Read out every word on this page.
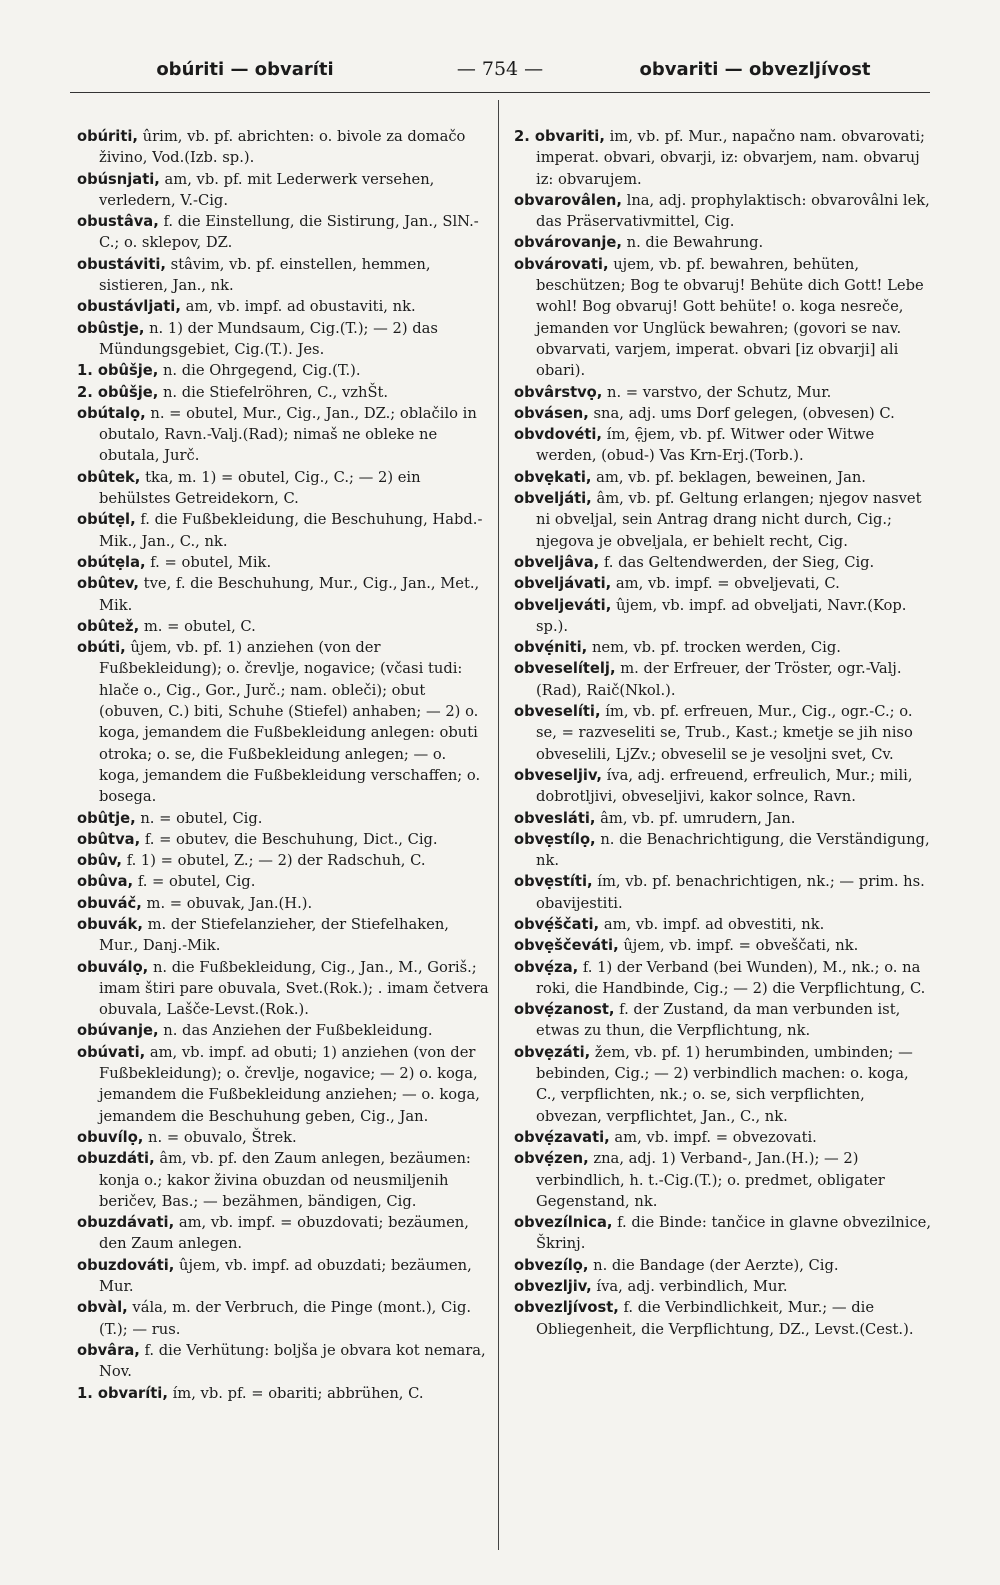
obúriti — obvaríti	— 754 —	obvariti — obvezljívost

obúriti, ûrim, vb. pf. abrichten: o. bivole za domačo živino, Vod.(Izb. sp.).

obúsnjati, am, vb. pf. mit Lederwerk versehen, verledern, V.-Cig.

obustâva, f. die Einstellung, die Sistirung, Jan., SlN.-C.; o. sklepov, DZ.

obustáviti, stâvim, vb. pf. einstellen, hemmen, sistieren, Jan., nk.

obustávljati, am, vb. impf. ad obustaviti, nk.

obûstje, n. 1) der Mundsaum, Cig.(T.); — 2) das Mündungsgebiet, Cig.(T.). Jes.

1. obûšje, n. die Ohrgegend, Cig.(T.).

2. obûšje, n. die Stiefelröhren, C., vzhŠt.

obútalọ, n. = obutel, Mur., Cig., Jan., DZ.; oblačilo in obutalo, Ravn.-Valj.(Rad); nimaš ne obleke ne obutala, Jurč.

obûtek, tka, m. 1) = obutel, Cig., C.; — 2) ein behülstes Getreidekorn, C.

obútẹl, f. die Fußbekleidung, die Beschuhung, Habd.-Mik., Jan., C., nk.

obútẹla, f. = obutel, Mik.

obûtev, tve, f. die Beschuhung, Mur., Cig., Jan., Met., Mik.

obûtež, m. = obutel, C.

obúti, ûjem, vb. pf. 1) anziehen (von der Fußbekleidung); o. črevlje, nogavice; (včasi tudi: hlače o., Cig., Gor., Jurč.; nam. obleči); obut (obuven, C.) biti, Schuhe (Stiefel) anhaben; — 2) o. koga, jemandem die Fußbekleidung anlegen: obuti otroka; o. se, die Fußbekleidung anlegen; — o. koga, jemandem die Fußbekleidung verschaffen; o. bosega.

obûtje, n. = obutel, Cig.

obûtva, f. = obutev, die Beschuhung, Dict., Cig.

obûv, f. 1) = obutel, Z.; — 2) der Radschuh, C.

obûva, f. = obutel, Cig.

obuváč, m. = obuvak, Jan.(H.).

obuvák, m. der Stiefelanzieher, der Stiefelhaken, Mur., Danj.-Mik.

obuválọ, n. die Fußbekleidung, Cig., Jan., M., Goriš.; imam štiri pare obuvala, Svet.(Rok.); . imam četvera obuvala, Lašče-Levst.(Rok.).

obúvanje, n. das Anziehen der Fußbekleidung.

obúvati, am, vb. impf. ad obuti; 1) anziehen (von der Fußbekleidung); o. črevlje, nogavice; — 2) o. koga, jemandem die Fußbekleidung anziehen; — o. koga, jemandem die Beschuhung geben, Cig., Jan.

obuvílọ, n. = obuvalo, Štrek.

obuzdáti, âm, vb. pf. den Zaum anlegen, bezäumen: konja o.; kakor živina obuzdan od neusmiljenih beričev, Bas.; — bezähmen, bändigen, Cig.

obuzdávati, am, vb. impf. = obuzdovati; bezäumen, den Zaum anlegen.

obuzdováti, ûjem, vb. impf. ad obuzdati; bezäumen, Mur.

obvàl, vála, m. der Verbruch, die Pinge (mont.), Cig.(T.); — rus.

obvâra, f. die Verhütung: boljša je obvara kot nemara, Nov.

1. obvaríti, ím, vb. pf. = obariti; abbrühen, C.

2. obvariti, im, vb. pf. Mur., napačno nam. obvarovati; imperat. obvari, obvarji, iz: obvarjem, nam. obvaruj iz: obvarujem.

obvarovâlen, lna, adj. prophylaktisch: obvarovâlni lek, das Präservativmittel, Cig.

obvárovanje, n. die Bewahrung.

obvárovati, ujem, vb. pf. bewahren, behüten, beschützen; Bog te obvaruj! Behüte dich Gott! Lebe wohl! Bog obvaruj! Gott behüte! o. koga nesreče, jemanden vor Unglück bewahren; (govori se nav. obvarvati, varjem, imperat. obvari [iz obvarji] ali obari).

obvârstvọ, n. = varstvo, der Schutz, Mur.

obvásen, sna, adj. ums Dorf gelegen, (obvesen) C.

obvdovéti, ím, ẹ̑jem, vb. pf. Witwer oder Witwe werden, (obud-) Vas Krn-Erj.(Torb.).

obvẹkati, am, vb. pf. beklagen, beweinen, Jan.

obveljáti, âm, vb. pf. Geltung erlangen; njegov nasvet ni obveljal, sein Antrag drang nicht durch, Cig.; njegova je obveljala, er behielt recht, Cig.

obveljâva, f. das Geltendwerden, der Sieg, Cig.

obveljávati, am, vb. impf. = obveljevati, C.

obveljeváti, ûjem, vb. impf. ad obveljati, Navr.(Kop. sp.).

obvẹ́niti, nem, vb. pf. trocken werden, Cig.

obveselítelj, m. der Erfreuer, der Tröster, ogr.-Valj.(Rad), Raič(Nkol.).

obveselíti, ím, vb. pf. erfreuen, Mur., Cig., ogr.-C.; o. se, = razveseliti se, Trub., Kast.; kmetje se jih niso obveselili, LjZv.; obveselil se je vesoljni svet, Cv.

obveseljiv, íva, adj. erfreuend, erfreulich, Mur.; mili, dobrotljivi, obveseljivi, kakor solnce, Ravn.

obvesláti, âm, vb. pf. umrudern, Jan.

obvẹstílọ, n. die Benachrichtigung, die Verständigung, nk.

obvẹstíti, ím, vb. pf. benachrichtigen, nk.; — prim. hs. obavijestiti.

obvẹ́ščati, am, vb. impf. ad obvestiti, nk.

obvẹščeváti, ûjem, vb. impf. = obveščati, nk.

obvẹ́za, f. 1) der Verband (bei Wunden), M., nk.; o. na roki, die Handbinde, Cig.; — 2) die Verpflichtung, C.

obvẹ́zanost, f. der Zustand, da man verbunden ist, etwas zu thun, die Verpflichtung, nk.

obvẹzáti, žem, vb. pf. 1) herumbinden, umbinden; — bebinden, Cig.; — 2) verbindlich machen: o. koga, C., verpflichten, nk.; o. se, sich verpflichten, obvezan, verpflichtet, Jan., C., nk.

obvẹ́zavati, am, vb. impf. = obvezovati.

obvẹ́zen, zna, adj. 1) Verband-, Jan.(H.); — 2) verbindlich, h. t.-Cig.(T.); o. predmet, obligater Gegenstand, nk.

obvezílnica, f. die Binde: tančice in glavne obvezilnice, Škrinj.

obvezílọ, n. die Bandage (der Aerzte), Cig.

obvezljiv, íva, adj. verbindlich, Mur.

obvezljívost, f. die Verbindlichkeit, Mur.; — die Obliegenheit, die Verpflichtung, DZ., Levst.(Cest.).
